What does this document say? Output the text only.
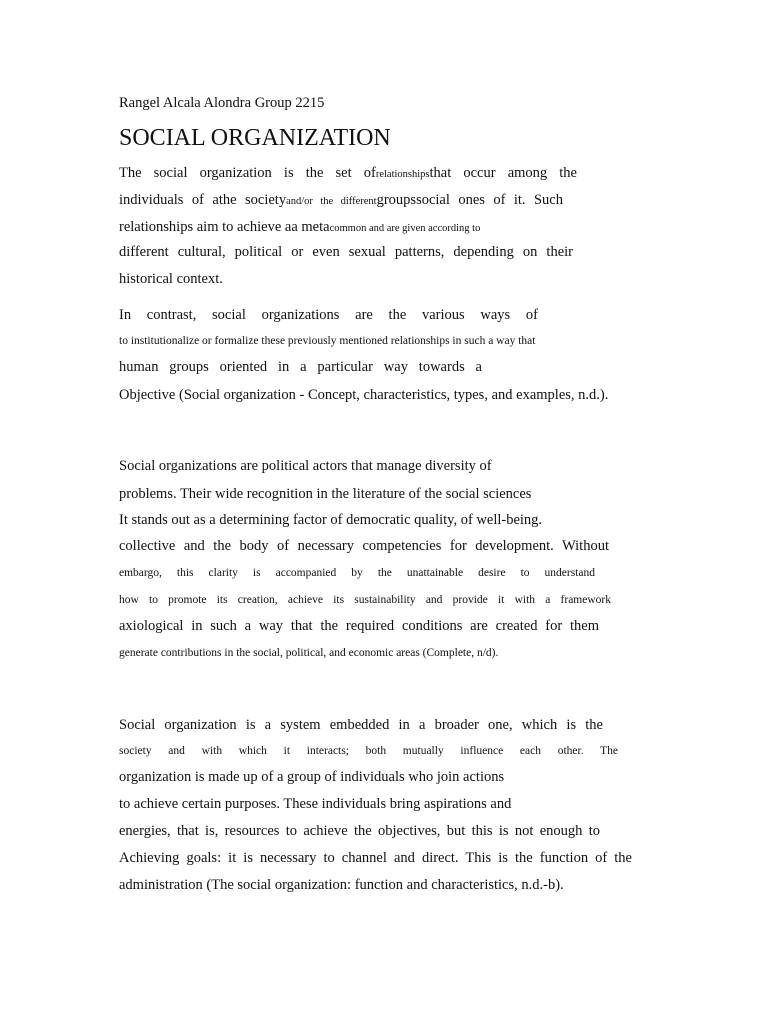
Rangel Alcala Alondra Group 2215
SOCIAL ORGANIZATION
The social organization is the set ofrelationshipsthat occur among the
individuals of athe societyand/or the differentgroupssocial ones of it. Such
relationships aim to achieve aa metacommon and are given according to
different cultural, political or even sexual patterns, depending on their
historical context.
In contrast, social organizations are the various ways of
to institutionalize or formalize these previously mentioned relationships in such a way that
human groups oriented in a particular way towards a
Objective (Social organization - Concept, characteristics, types, and examples, n.d.).
Social organizations are political actors that manage diversity of
problems. Their wide recognition in the literature of the social sciences
It stands out as a determining factor of democratic quality, of well-being.
collective and the body of necessary competencies for development. Without
embargo, this clarity is accompanied by the unattainable desire to understand
how to promote its creation, achieve its sustainability and provide it with a framework
axiological in such a way that the required conditions are created for them
generate contributions in the social, political, and economic areas (Complete, n/d).
Social organization is a system embedded in a broader one, which is the
society and with which it interacts; both mutually influence each other. The
organization is made up of a group of individuals who join actions
to achieve certain purposes. These individuals bring aspirations and
energies, that is, resources to achieve the objectives, but this is not enough to
Achieving goals: it is necessary to channel and direct. This is the function of the
administration (The social organization: function and characteristics, n.d.-b).
